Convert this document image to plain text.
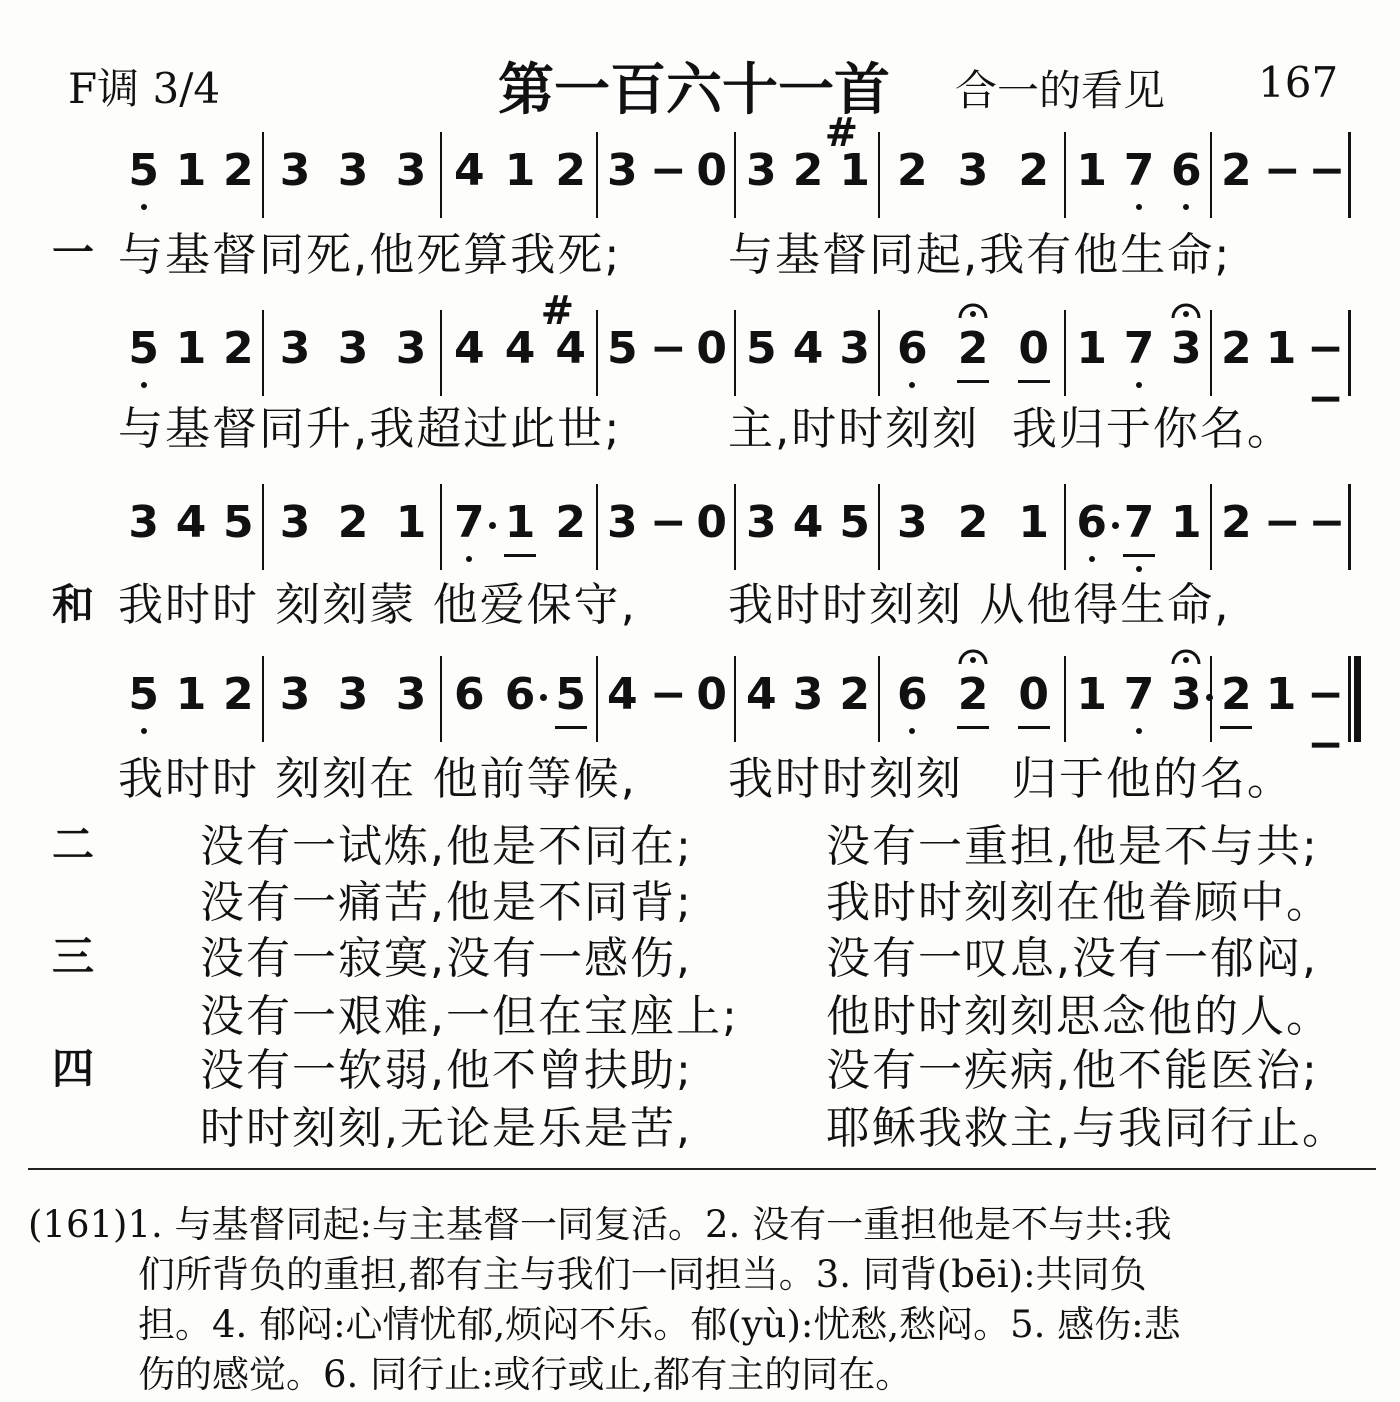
F调 3/4	第一百六十一首 合一的看见 167
5 1 2 3 3 3 4 1 2 3 − 0 3 2 1
#
2 3 2 1 7 6 2 − −
5 1 2 3 3 3 4 4 4
#
5 − 0 5 4 3 6 2 0 1 7 3 2 1 −−
3 4 5 3 2 1 7 1 2 3 − 0 3 4 5 3 2 1 6 7 1 2 − −
5 1 2 3 3 3 6 6 5 4 − 0 4 3 2 6 2 0 1 7 3 2 1 −−
一 与基督同死,他死算我死; 与基督同起,我有他生命;
与基督同升,我超过此世; 主,时时刻刻  我归于你名。
和 我时时 刻刻蒙 他爱保守, 我时时刻刻 从他得生命,
我时时 刻刻在 他前等候, 我时时刻刻   归于他的名。
二 没有一试炼,他是不同在;	没有一重担,他是不与共;
没有一痛苦,他是不同背;	我时时刻刻在他眷顾中。
三 没有一寂寞,没有一感伤,	没有一叹息,没有一郁闷,
没有一艰难,一但在宝座上; 他时时刻刻思念他的人。
四 没有一软弱,他不曾扶助;	没有一疾病,他不能医治;
时时刻刻,无论是乐是苦,	耶稣我救主,与我同行止。
(161)1. 与基督同起:与主基督一同复活。2. 没有一重担他是不与共:我
们所背负的重担,都有主与我们一同担当。3. 同背(bēi):共同负
担。4. 郁闷:心情忧郁,烦闷不乐。郁(yù):忧愁,愁闷。5. 感伤:悲
伤的感觉。6. 同行止:或行或止,都有主的同在。
